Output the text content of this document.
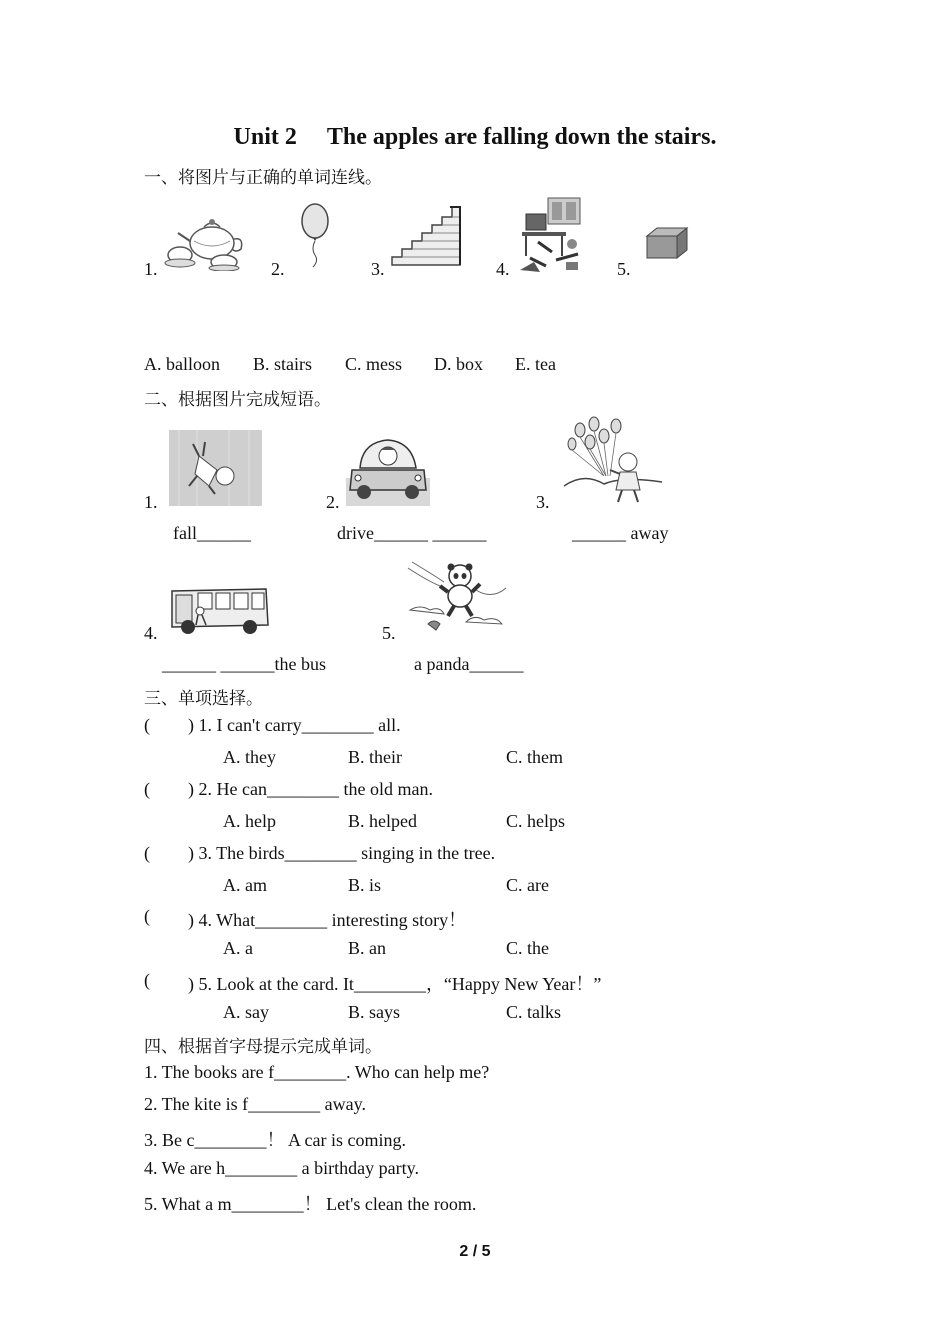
Unit 2 The apples are falling down the stairs.
一、将图片与正确的单词连线。
1.	2.	3.	4.	5.
A. balloon B. stairs C. mess D. box E. tea
二、根据图片完成短语。
1.	2.	3.
fall______	drive______ ______	______ away
4.	5.
______ ______the bus	a panda______
三、单项选择。
( ) 1. I can't carry________ all.
A. they	B. their	C. them
( ) 2. He can________ the old man.
A. help	B. helped	C. helps
( ) 3. The birds________ singing in the tree.
A. am	B. is	C. are
( ) 4. What________ interesting story！
A. a	B. an	C. the
( ) 5. Look at the card. It________，“Happy New Year！”
A. say	B. says	C. talks
四、根据首字母提示完成单词。
1. The books are f________. Who can help me?
2. The kite is f________ away.
3. Be c________！ A car is coming.
4. We are h________ a birthday party.
5. What a m________！ Let's clean the room.
2 / 5
